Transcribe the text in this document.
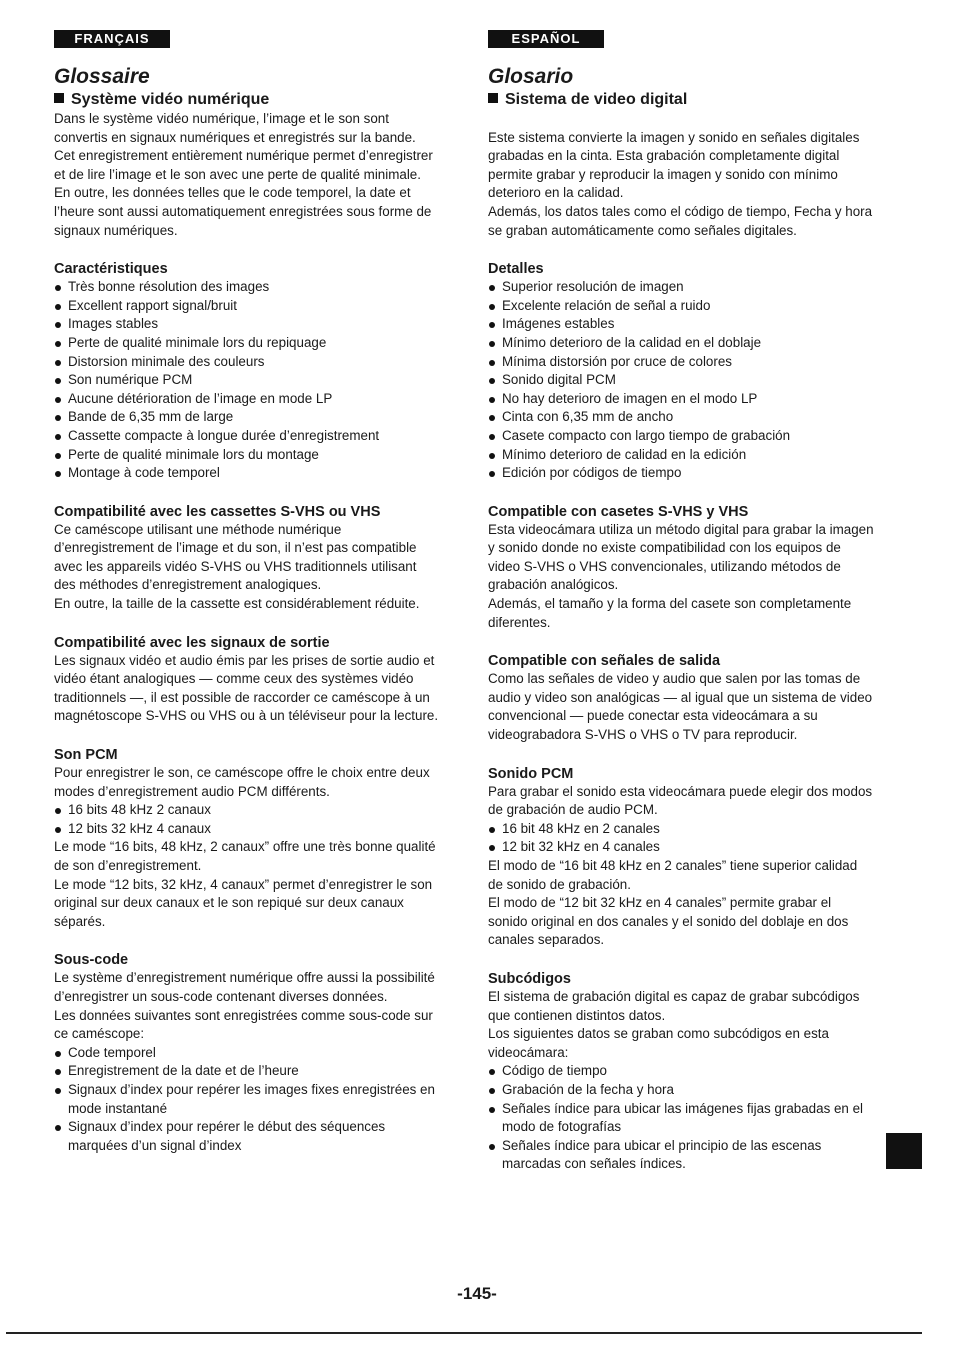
FRANÇAIS
Glossaire
Système vidéo numérique

Dans le système vidéo numérique, l’image et le son sont convertis en signaux numériques et enregistrés sur la bande. Cet enregistrement entièrement numérique permet d’enregistrer et de lire l’image et le son avec une perte de qualité minimale.

En outre, les données telles que le code temporel, la date et l’heure sont aussi automatiquement enregistrées sous forme de signaux numériques.

Caractéristiques
Très bonne résolution des images
Excellent rapport signal/bruit
Images stables
Perte de qualité minimale lors du repiquage
Distorsion minimale des couleurs
Son numérique PCM
Aucune détérioration de l’image en mode LP
Bande de 6,35 mm de large
Cassette compacte à longue durée d’enregistrement
Perte de qualité minimale lors du montage
Montage à code temporel
Compatibilité avec les cassettes S-VHS ou VHS

Ce caméscope utilisant une méthode numérique d’enregistrement de l’image et du son, il n’est pas compatible avec les appareils vidéo S-VHS ou VHS traditionnels utilisant des méthodes d’enregistrement analogiques.

En outre, la taille de la cassette est considérablement réduite.

Compatibilité avec les signaux de sortie

Les signaux vidéo et audio émis par les prises de sortie audio et vidéo étant analogiques — comme ceux des systèmes vidéo traditionnels —, il est possible de raccorder ce caméscope à un magnétoscope S-VHS ou VHS ou à un téléviseur pour la lecture.

Son PCM

Pour enregistrer le son, ce caméscope offre le choix entre deux modes d’enregistrement audio PCM différents.

16 bits 48 kHz 2 canaux
12 bits 32 kHz 4 canaux

Le mode “16 bits, 48 kHz, 2 canaux” offre une très bonne qualité de son d’enregistrement.

Le mode “12 bits, 32 kHz, 4 canaux” permet d’enregistrer le son original sur deux canaux et le son repiqué sur deux canaux séparés.

Sous-code

Le système d’enregistrement numérique offre aussi la possibilité d’enregistrer un sous-code contenant diverses données.

Les données suivantes sont enregistrées comme sous-code sur ce caméscope:

Code temporel
Enregistrement de la date et de l’heure
Signaux d’index pour repérer les images fixes enregistrées en mode instantané
Signaux d’index pour repérer le début des séquences marquées d’un signal d’index
ESPAÑOL
Glosario
Sistema de video digital

Este sistema convierte la imagen y sonido en señales digitales grabadas en la cinta. Esta grabación completamente digital permite grabar y reproducir la imagen y sonido con mínimo deterioro en la calidad.

Además, los datos tales como el código de tiempo, Fecha y hora se graban automáticamente como señales digitales.

Detalles
Superior resolución de imagen
Excelente relación de señal a ruido
Imágenes estables
Mínimo deterioro de la calidad en el doblaje
Mínima distorsión por cruce de colores
Sonido digital PCM
No hay deterioro de imagen en el modo LP
Cinta con 6,35 mm de ancho
Casete compacto con largo tiempo de grabación
Mínimo deterioro de calidad en la edición
Edición por códigos de tiempo
Compatible con casetes S-VHS y VHS

Esta videocámara utiliza un método digital para grabar la imagen y sonido donde no existe compatibilidad con los equipos de video S-VHS o VHS convencionales, utilizando métodos de grabación analógicos.

Además, el tamaño y la forma del casete son completamente diferentes.

Compatible con señales de salida

Como las señales de video y audio que salen por las tomas de audio y video son analógicas — al igual que un sistema de video convencional — puede conectar esta videocámara a su videograbadora S-VHS o VHS o TV para reproducir.

Sonido PCM

Para grabar el sonido esta videocámara puede elegir dos modos de grabación de audio PCM.

16 bit 48 kHz en 2 canales
12 bit 32 kHz en 4 canales

El modo de “16 bit 48 kHz en 2 canales” tiene superior calidad de sonido de grabación.

El modo de “12 bit 32 kHz en 4 canales” permite grabar el sonido original en dos canales y el sonido del doblaje en dos canales separados.

Subcódigos

El sistema de grabación digital es capaz de grabar subcódigos que contienen distintos datos.

Los siguientes datos se graban como subcódigos en esta videocámara:

Código de tiempo
Grabación de la fecha y hora
Señales índice para ubicar las imágenes fijas grabadas en el modo de fotografías
Señales índice para ubicar el principio de las escenas marcadas con señales índices.
-145-
